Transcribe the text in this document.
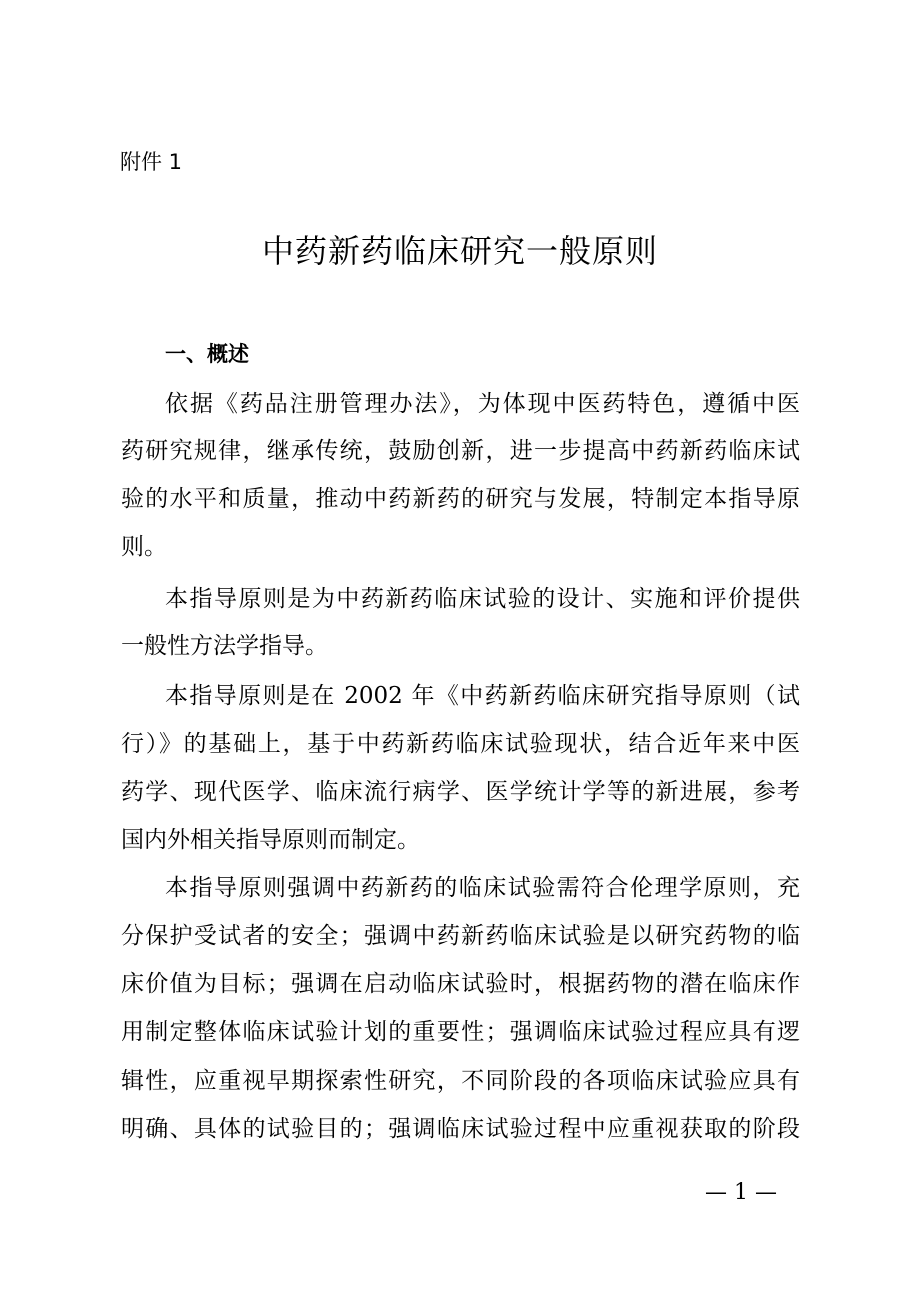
附件 1
中药新药临床研究一般原则
一、概述
依据《药品注册管理办法》，为体现中医药特色，遵循中医
药研究规律，继承传统，鼓励创新，进一步提高中药新药临床试
验的水平和质量，推动中药新药的研究与发展，特制定本指导原
则。
本指导原则是为中药新药临床试验的设计、实施和评价提供
一般性方法学指导。
本指导原则是在 2002 年《中药新药临床研究指导原则（试
行）》的基础上，基于中药新药临床试验现状，结合近年来中医
药学、现代医学、临床流行病学、医学统计学等的新进展，参考
国内外相关指导原则而制定。
本指导原则强调中药新药的临床试验需符合伦理学原则，充
分保护受试者的安全；强调中药新药临床试验是以研究药物的临
床价值为目标；强调在启动临床试验时，根据药物的潜在临床作
用制定整体临床试验计划的重要性；强调临床试验过程应具有逻
辑性，应重视早期探索性研究，不同阶段的各项临床试验应具有
明确、具体的试验目的；强调临床试验过程中应重视获取的阶段
— 1 —
